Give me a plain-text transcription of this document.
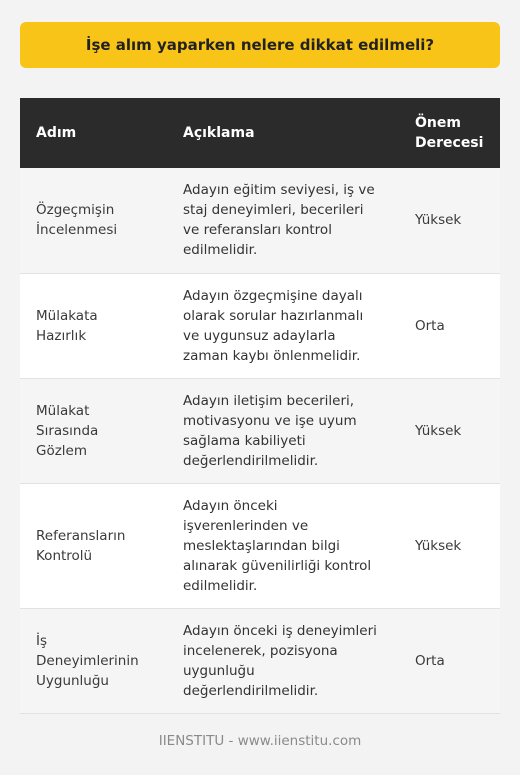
İşe alım yaparken nelere dikkat edilmeli?
Adım	Açıklama	Önem Derecesi
Özgeçmişin İncelenmesi	Adayın eğitim seviyesi, iş ve staj deneyimleri, becerileri ve referansları kontrol edilmelidir.	Yüksek
Mülakata Hazırlık	Adayın özgeçmişine dayalı olarak sorular hazırlanmalı ve uygunsuz adaylarla zaman kaybı önlenmelidir.	Orta
Mülakat Sırasında Gözlem	Adayın iletişim becerileri, motivasyonu ve işe uyum sağlama kabiliyeti değerlendirilmelidir.	Yüksek
Referansların Kontrolü	Adayın önceki işverenlerinden ve meslektaşlarından bilgi alınarak güvenilirliği kontrol edilmelidir.	Yüksek
İş Deneyimlerinin Uygunluğu	Adayın önceki iş deneyimleri incelenerek, pozisyona uygunluğu değerlendirilmelidir.	Orta
IIENSTITU - www.iienstitu.com
